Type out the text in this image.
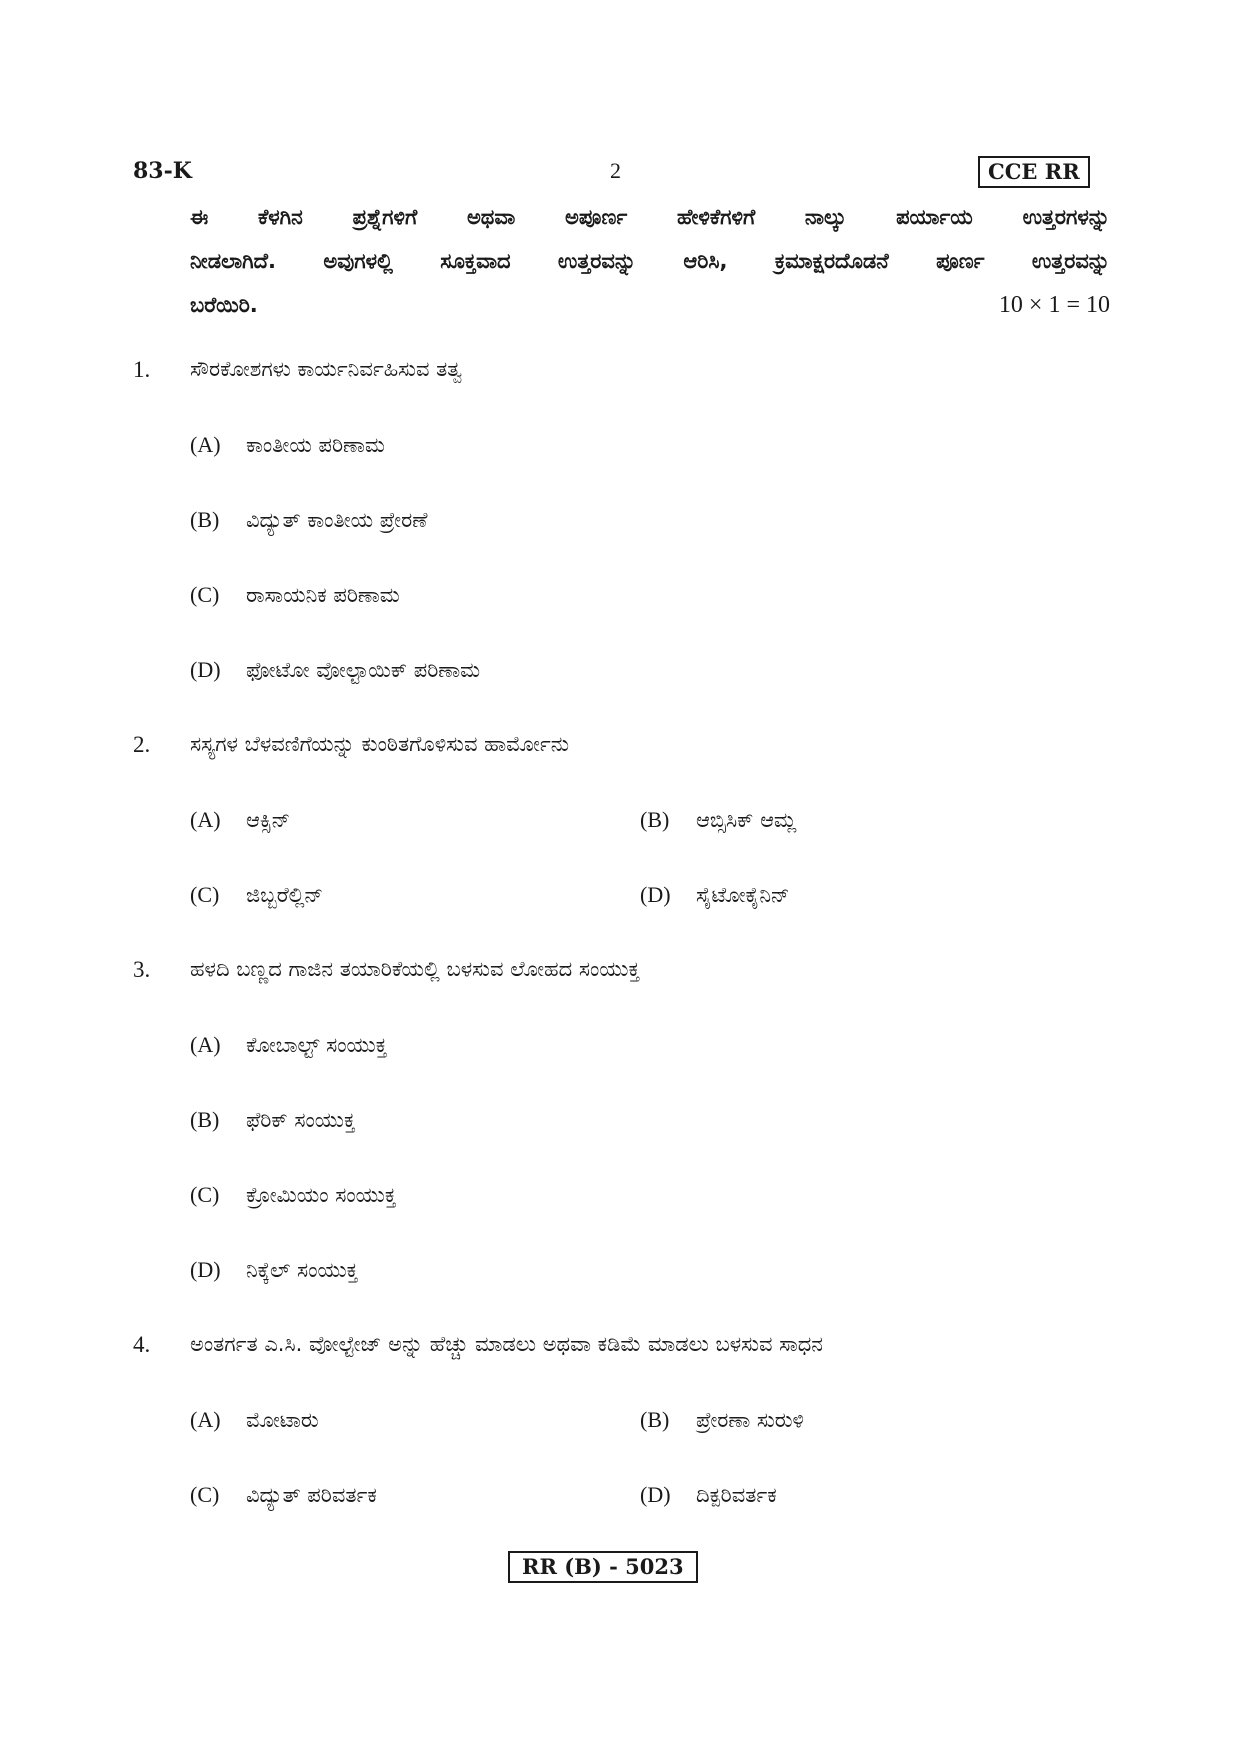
83-K	2	CCE RR
ಈ ಕೆಳಗಿನ ಪ್ರಶ್ನೆಗಳಿಗೆ ಅಥವಾ ಅಪೂರ್ಣ ಹೇಳಿಕೆಗಳಿಗೆ ನಾಲ್ಕು ಪರ್ಯಾಯ ಉತ್ತರಗಳನ್ನು
ನೀಡಲಾಗಿದೆ. ಅವುಗಳಲ್ಲಿ ಸೂಕ್ತವಾದ ಉತ್ತರವನ್ನು ಆರಿಸಿ, ಕ್ರಮಾಕ್ಷರದೊಡನೆ ಪೂರ್ಣ ಉತ್ತರವನ್ನು
ಬರೆಯಿರಿ.	10 × 1 = 10
1. ಸೌರಕೋಶಗಳು ಕಾರ್ಯನಿರ್ವಹಿಸುವ ತತ್ವ
(A) ಕಾಂತೀಯ ಪರಿಣಾಮ
(B) ವಿದ್ಯುತ್ ಕಾಂತೀಯ ಪ್ರೇರಣೆ
(C) ರಾಸಾಯನಿಕ ಪರಿಣಾಮ
(D) ಫೋಟೋ ವೋಲ್ಟಾಯಿಕ್ ಪರಿಣಾಮ
2. ಸಸ್ಯಗಳ ಬೆಳವಣಿಗೆಯನ್ನು ಕುಂಠಿತಗೊಳಿಸುವ ಹಾರ್ಮೋನು
(A) ಆಕ್ಸಿನ್	(B) ಆಬ್ಸಿಸಿಕ್ ಆಮ್ಲ
(C) ಜಿಬ್ಬರೆಲ್ಲಿನ್	(D) ಸೈಟೋಕೈನಿನ್
3. ಹಳದಿ ಬಣ್ಣದ ಗಾಜಿನ ತಯಾರಿಕೆಯಲ್ಲಿ ಬಳಸುವ ಲೋಹದ ಸಂಯುಕ್ತ
(A) ಕೋಬಾಲ್ಟ್ ಸಂಯುಕ್ತ
(B) ಫೆರಿಕ್ ಸಂಯುಕ್ತ
(C) ಕ್ರೋಮಿಯಂ ಸಂಯುಕ್ತ
(D) ನಿಕ್ಕೆಲ್ ಸಂಯುಕ್ತ
4. ಅಂತರ್ಗತ ಎ.ಸಿ. ವೋಲ್ಟೇಜ್ ಅನ್ನು ಹೆಚ್ಚು ಮಾಡಲು ಅಥವಾ ಕಡಿಮೆ ಮಾಡಲು ಬಳಸುವ ಸಾಧನ
(A) ಮೋಟಾರು	(B) ಪ್ರೇರಣಾ ಸುರುಳಿ
(C) ವಿದ್ಯುತ್ ಪರಿವರ್ತಕ	(D) ದಿಕ್ಪರಿವರ್ತಕ
RR (B) - 5023
